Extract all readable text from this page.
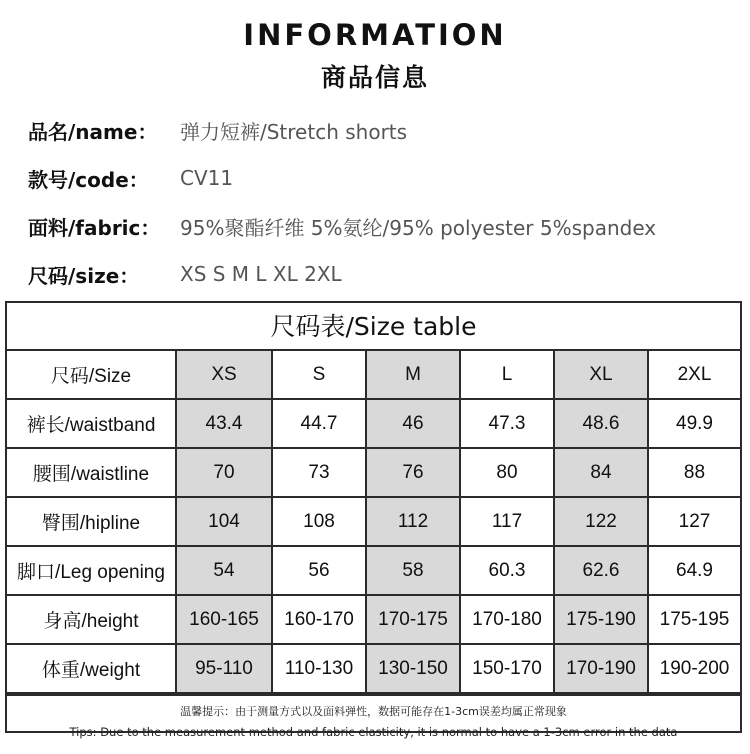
INFORMATION
商品信息
品名/name：	弹力短裤/Stretch shorts
款号/code：	CV11
面料/fabric： 95%聚酯纤维 5%氨纶/95% polyester 5%spandex
尺码/size：	XS S M L XL 2XL
尺码表/Size table
尺码/Size	XS	S	M	L	XL	2XL
裤长/waistband	43.4	44.7	46	47.3	48.6	49.9
腰围/waistline	70	73	76	80	84	88
臀围/hipline	104	108	112	117	122	127
脚口/Leg opening	54	56	58	60.3	62.6	64.9
身高/height	160-165	160-170	170-175	170-180	175-190	175-195
体重/weight	95-110	110-130	130-150	150-170	170-190	190-200
温馨提示：由于测量方式以及面料弹性，数据可能存在1-3cm误差均属正常现象
Tips: Due to the measurement method and fabric elasticity, it is normal to have a 1-3cm error in the data
